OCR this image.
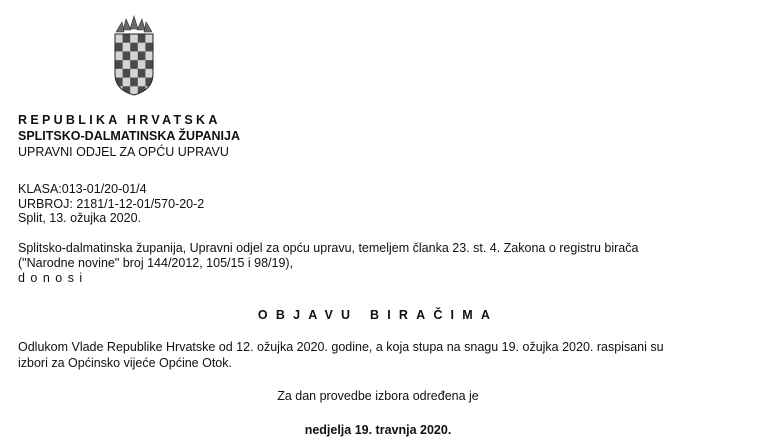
REPUBLIKA HRVATSKA
SPLITSKO-DALMATINSKA ŽUPANIJA
UPRAVNI ODJEL ZA OPĆU UPRAVU
KLASA:013-01/20-01/4
URBROJ: 2181/1-12-01/570-20-2
Split, 13. ožujka 2020.
Splitsko-dalmatinska županija, Upravni odjel za opću upravu, temeljem članka 23. st. 4. Zakona o registru birača
("Narodne novine" broj 144/2012, 105/15 i 98/19),
d o n o s i
OBJAVU BIRAČIMA
Odlukom Vlade Republike Hrvatske od 12. ožujka 2020. godine, a koja stupa na snagu 19. ožujka 2020. raspisani su
izbori za Općinsko vijeće Općine Otok.
Za dan provedbe izbora određena je
nedjelja 19. travnja 2020.
